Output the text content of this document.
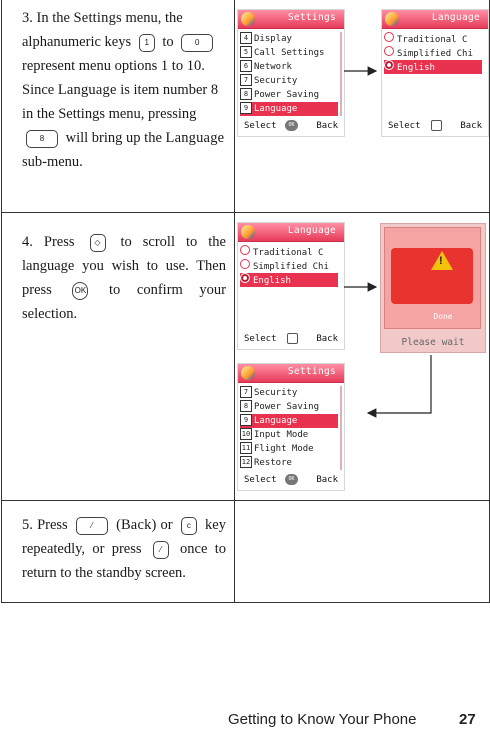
3. In the Settings menu, the alphanumeric keys 1 to 0 represent menu options 1 to 10. Since Language is item number 8 in the Settings menu, pressing 8 will bring up the Language sub-menu.
4. Press ◇ to scroll to the language you wish to use. Then press OK to confirm your selection.
5. Press ⁄ (Back) or c key repeatedly, or press ⁄ once to return to the standby screen.
Settings
4 Display
5 Call Settings
6 Network
7 Security
8 Power Saving
9 Language
Select	OK	Back
Language
Traditional C
Simplified Chi
English
Select	Back
Language
Traditional C
Simplified Chi
English
Select	Back
!
Done
Please wait
Settings
7 Security
8 Power Saving
9 Language
10 Input Mode
11 Flight Mode
12 Restore
Select	OK	Back
Getting to Know Your Phone	27
